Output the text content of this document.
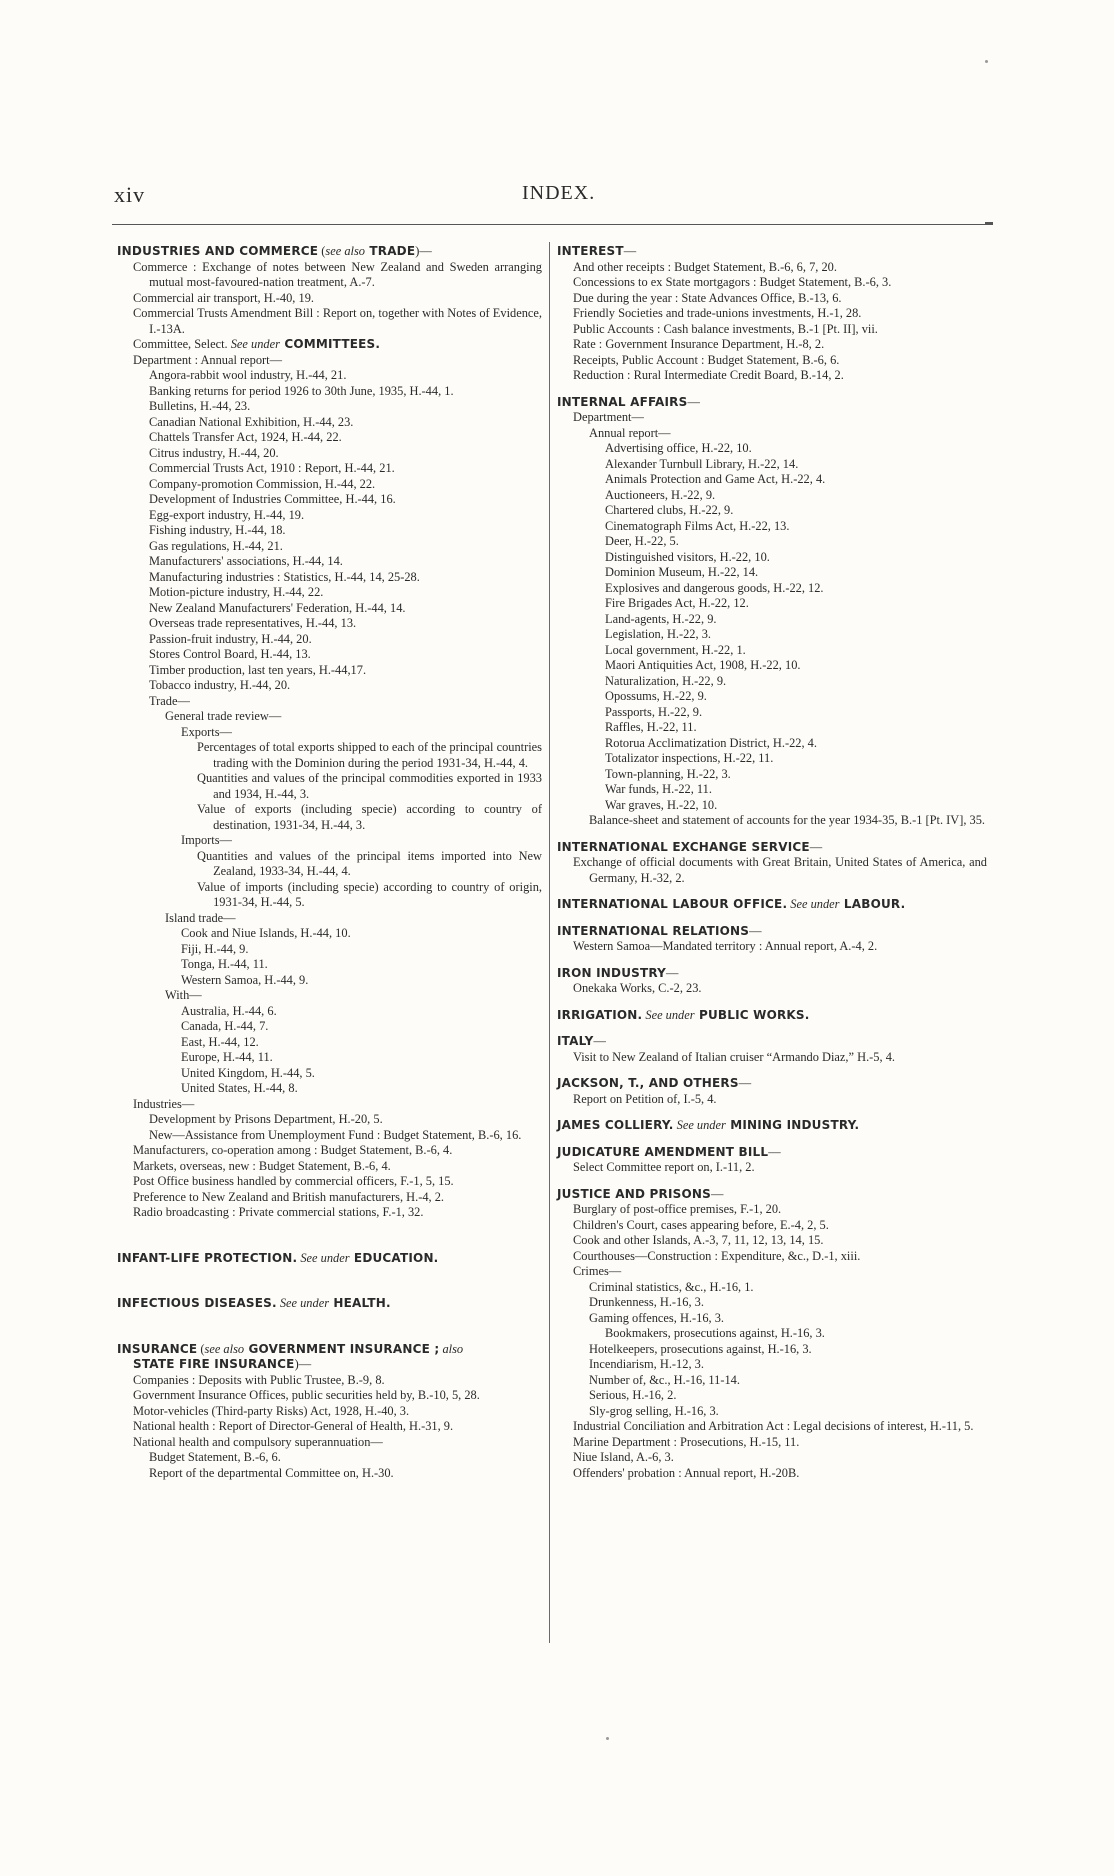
xiv	INDEX.
INDUSTRIES AND COMMERCE (see also TRADE)—
Commerce : Exchange of notes between New Zealand and Sweden arranging mutual most-favoured-nation treatment, A.-7.
Commercial air transport, H.-40, 19.
Commercial Trusts Amendment Bill : Report on, together with Notes of Evidence, I.-13A.
Committee, Select. See under COMMITTEES.
Department : Annual report—
Angora-rabbit wool industry, H.-44, 21.
Banking returns for period 1926 to 30th June, 1935, H.-44, 1.
Bulletins, H.-44, 23.
Canadian National Exhibition, H.-44, 23.
Chattels Transfer Act, 1924, H.-44, 22.
Citrus industry, H.-44, 20.
Commercial Trusts Act, 1910 : Report, H.-44, 21.
Company-promotion Commission, H.-44, 22.
Development of Industries Committee, H.-44, 16.
Egg-export industry, H.-44, 19.
Fishing industry, H.-44, 18.
Gas regulations, H.-44, 21.
Manufacturers' associations, H.-44, 14.
Manufacturing industries : Statistics, H.-44, 14, 25-28.
Motion-picture industry, H.-44, 22.
New Zealand Manufacturers' Federation, H.-44, 14.
Overseas trade representatives, H.-44, 13.
Passion-fruit industry, H.-44, 20.
Stores Control Board, H.-44, 13.
Timber production, last ten years, H.-44,17.
Tobacco industry, H.-44, 20.
Trade—
General trade review—
Exports—
Percentages of total exports shipped to each of the principal countries trading with the Dominion during the period 1931-34, H.-44, 4.
Quantities and values of the principal commodities exported in 1933 and 1934, H.-44, 3.
Value of exports (including specie) according to country of destination, 1931-34, H.-44, 3.
Imports—
Quantities and values of the principal items imported into New Zealand, 1933-34, H.-44, 4.
Value of imports (including specie) according to country of origin, 1931-34, H.-44, 5.
Island trade—
Cook and Niue Islands, H.-44, 10.
Fiji, H.-44, 9.
Tonga, H.-44, 11.
Western Samoa, H.-44, 9.
With—
Australia, H.-44, 6.
Canada, H.-44, 7.
East, H.-44, 12.
Europe, H.-44, 11.
United Kingdom, H.-44, 5.
United States, H.-44, 8.
Industries—
Development by Prisons Department, H.-20, 5.
New—Assistance from Unemployment Fund : Budget Statement, B.-6, 16.
Manufacturers, co-operation among : Budget Statement, B.-6, 4.
Markets, overseas, new : Budget Statement, B.-6, 4.
Post Office business handled by commercial officers, F.-1, 5, 15.
Preference to New Zealand and British manufacturers, H.-4, 2.
Radio broadcasting : Private commercial stations, F.-1, 32.
INFANT-LIFE PROTECTION. See under EDUCATION.
INFECTIOUS DISEASES. See under HEALTH.
INSURANCE (see also GOVERNMENT INSURANCE ; also
STATE FIRE INSURANCE)—
Companies : Deposits with Public Trustee, B.-9, 8.
Government Insurance Offices, public securities held by, B.-10, 5, 28.
Motor-vehicles (Third-party Risks) Act, 1928, H.-40, 3.
National health : Report of Director-General of Health, H.-31, 9.
National health and compulsory superannuation—
Budget Statement, B.-6, 6.
Report of the departmental Committee on, H.-30.
INTEREST—
And other receipts : Budget Statement, B.-6, 6, 7, 20.
Concessions to ex State mortgagors : Budget Statement, B.-6, 3.
Due during the year : State Advances Office, B.-13, 6.
Friendly Societies and trade-unions investments, H.-1, 28.
Public Accounts : Cash balance investments, B.-1 [Pt. II], vii.
Rate : Government Insurance Department, H.-8, 2.
Receipts, Public Account : Budget Statement, B.-6, 6.
Reduction : Rural Intermediate Credit Board, B.-14, 2.
INTERNAL AFFAIRS—
Department—
Annual report—
Advertising office, H.-22, 10.
Alexander Turnbull Library, H.-22, 14.
Animals Protection and Game Act, H.-22, 4.
Auctioneers, H.-22, 9.
Chartered clubs, H.-22, 9.
Cinematograph Films Act, H.-22, 13.
Deer, H.-22, 5.
Distinguished visitors, H.-22, 10.
Dominion Museum, H.-22, 14.
Explosives and dangerous goods, H.-22, 12.
Fire Brigades Act, H.-22, 12.
Land-agents, H.-22, 9.
Legislation, H.-22, 3.
Local government, H.-22, 1.
Maori Antiquities Act, 1908, H.-22, 10.
Naturalization, H.-22, 9.
Opossums, H.-22, 9.
Passports, H.-22, 9.
Raffles, H.-22, 11.
Rotorua Acclimatization District, H.-22, 4.
Totalizator inspections, H.-22, 11.
Town-planning, H.-22, 3.
War funds, H.-22, 11.
War graves, H.-22, 10.
Balance-sheet and statement of accounts for the year 1934-35, B.-1 [Pt. IV], 35.
INTERNATIONAL EXCHANGE SERVICE—
Exchange of official documents with Great Britain, United States of America, and Germany, H.-32, 2.
INTERNATIONAL LABOUR OFFICE. See under LABOUR.
INTERNATIONAL RELATIONS—
Western Samoa—Mandated territory : Annual report, A.-4, 2.
IRON INDUSTRY—
Onekaka Works, C.-2, 23.
IRRIGATION. See under PUBLIC WORKS.
ITALY—
Visit to New Zealand of Italian cruiser “Armando Diaz,” H.-5, 4.
JACKSON, T., AND OTHERS—
Report on Petition of, I.-5, 4.
JAMES COLLIERY. See under MINING INDUSTRY.
JUDICATURE AMENDMENT BILL—
Select Committee report on, I.-11, 2.
JUSTICE AND PRISONS—
Burglary of post-office premises, F.-1, 20.
Children's Court, cases appearing before, E.-4, 2, 5.
Cook and other Islands, A.-3, 7, 11, 12, 13, 14, 15.
Courthouses—Construction : Expenditure, &c., D.-1, xiii.
Crimes—
Criminal statistics, &c., H.-16, 1.
Drunkenness, H.-16, 3.
Gaming offences, H.-16, 3.
Bookmakers, prosecutions against, H.-16, 3.
Hotelkeepers, prosecutions against, H.-16, 3.
Incendiarism, H.-12, 3.
Number of, &c., H.-16, 11-14.
Serious, H.-16, 2.
Sly-grog selling, H.-16, 3.
Industrial Conciliation and Arbitration Act : Legal decisions of interest, H.-11, 5.
Marine Department : Prosecutions, H.-15, 11.
Niue Island, A.-6, 3.
Offenders' probation : Annual report, H.-20B.
